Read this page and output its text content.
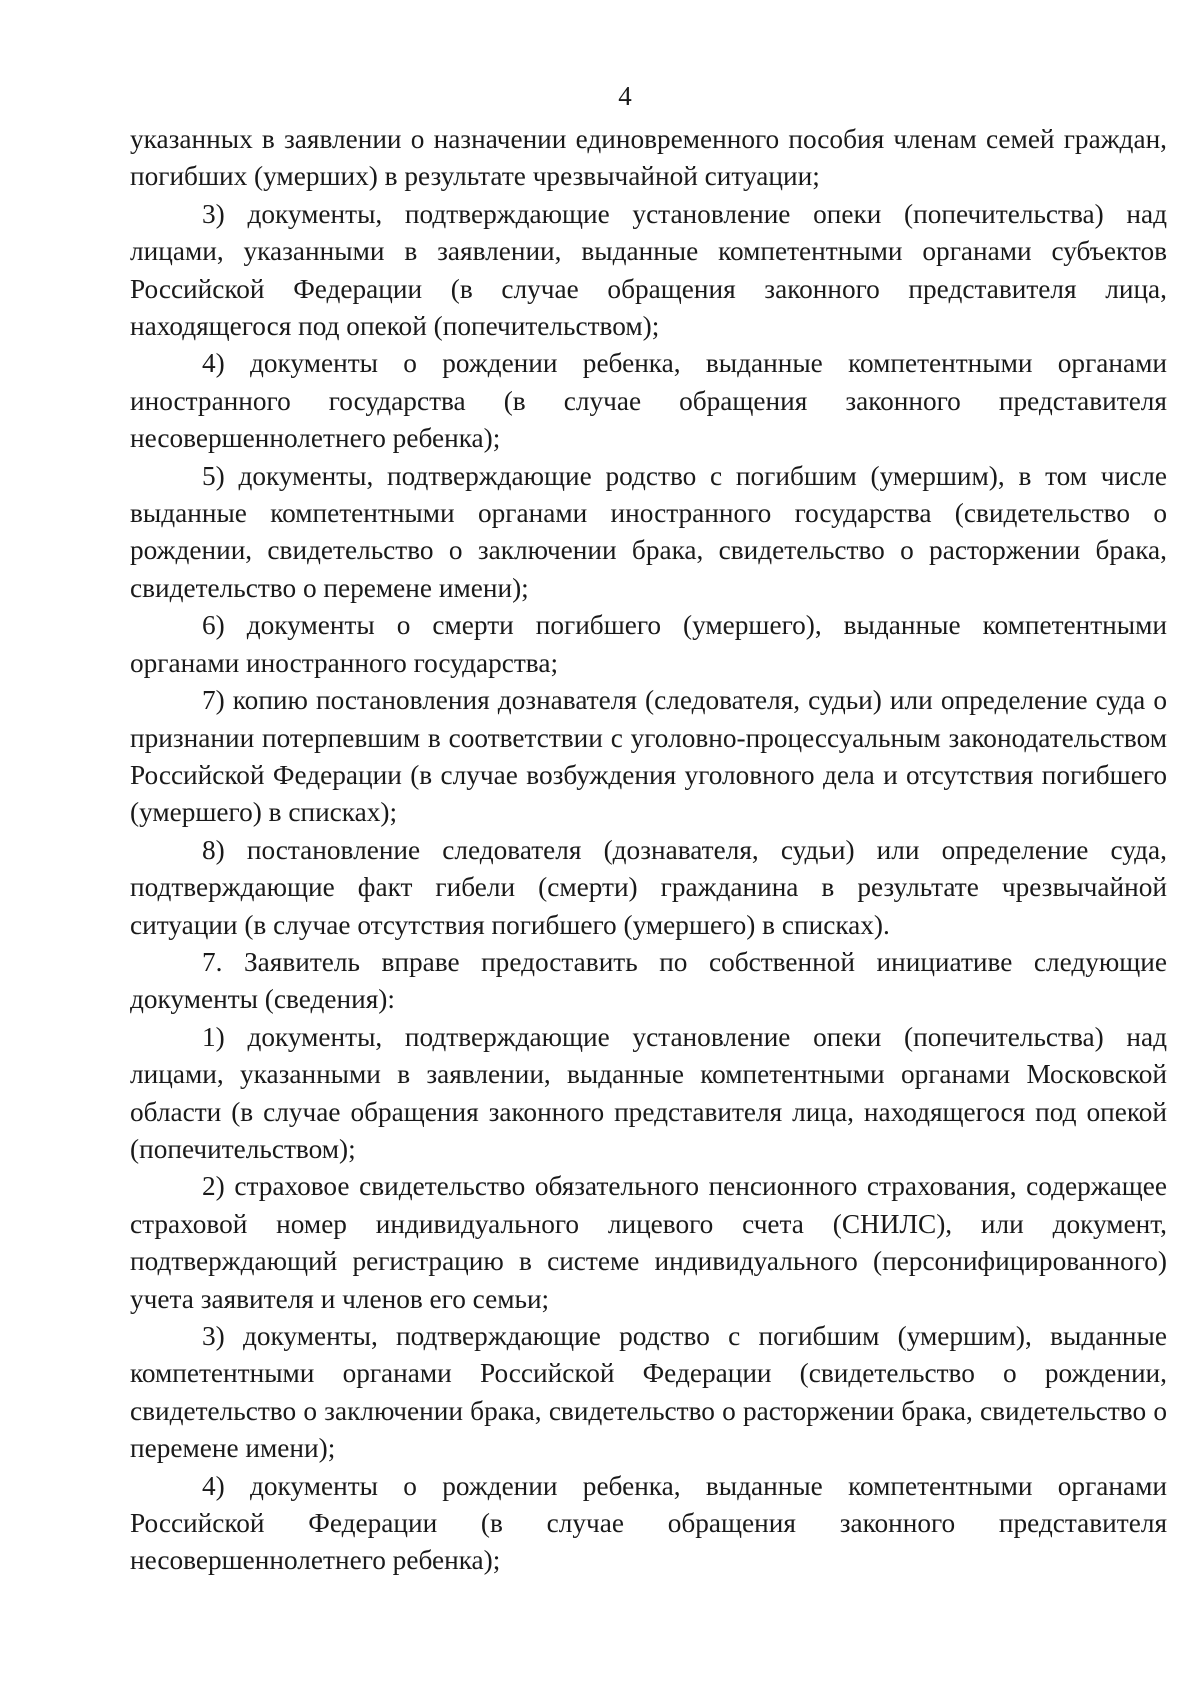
4

указанных в заявлении о назначении единовременного пособия членам семей граждан, погибших (умерших) в результате чрезвычайной ситуации;

3) документы, подтверждающие установление опеки (попечительства) над лицами, указанными в заявлении, выданные компетентными органами субъектов Российской Федерации (в случае обращения законного представителя лица, находящегося под опекой (попечительством);

4) документы о рождении ребенка, выданные компетентными органами иностранного государства (в случае обращения законного представителя несовершеннолетнего ребенка);

5) документы, подтверждающие родство с погибшим (умершим), в том числе выданные компетентными органами иностранного государства (свидетельство о рождении, свидетельство о заключении брака, свидетельство о расторжении брака, свидетельство о перемене имени);

6) документы о смерти погибшего (умершего), выданные компетентными органами иностранного государства;

7) копию постановления дознавателя (следователя, судьи) или определение суда о признании потерпевшим в соответствии с уголовно-процессуальным законодательством Российской Федерации (в случае возбуждения уголовного дела и отсутствия погибшего (умершего) в списках);

8) постановление следователя (дознавателя, судьи) или определение суда, подтверждающие факт гибели (смерти) гражданина в результате чрезвычайной ситуации (в случае отсутствия погибшего (умершего) в списках).

7. Заявитель вправе предоставить по собственной инициативе следующие документы (сведения):

1) документы, подтверждающие установление опеки (попечительства) над лицами, указанными в заявлении, выданные компетентными органами Московской области (в случае обращения законного представителя лица, находящегося под опекой (попечительством);

2) страховое свидетельство обязательного пенсионного страхования, содержащее страховой номер индивидуального лицевого счета (СНИЛС), или документ, подтверждающий регистрацию в системе индивидуального (персонифицированного) учета заявителя и членов его семьи;

3) документы, подтверждающие родство с погибшим (умершим), выданные компетентными органами Российской Федерации (свидетельство о рождении, свидетельство о заключении брака, свидетельство о расторжении брака, свидетельство о перемене имени);

4) документы о рождении ребенка, выданные компетентными органами Российской Федерации (в случае обращения законного представителя несовершеннолетнего ребенка);
